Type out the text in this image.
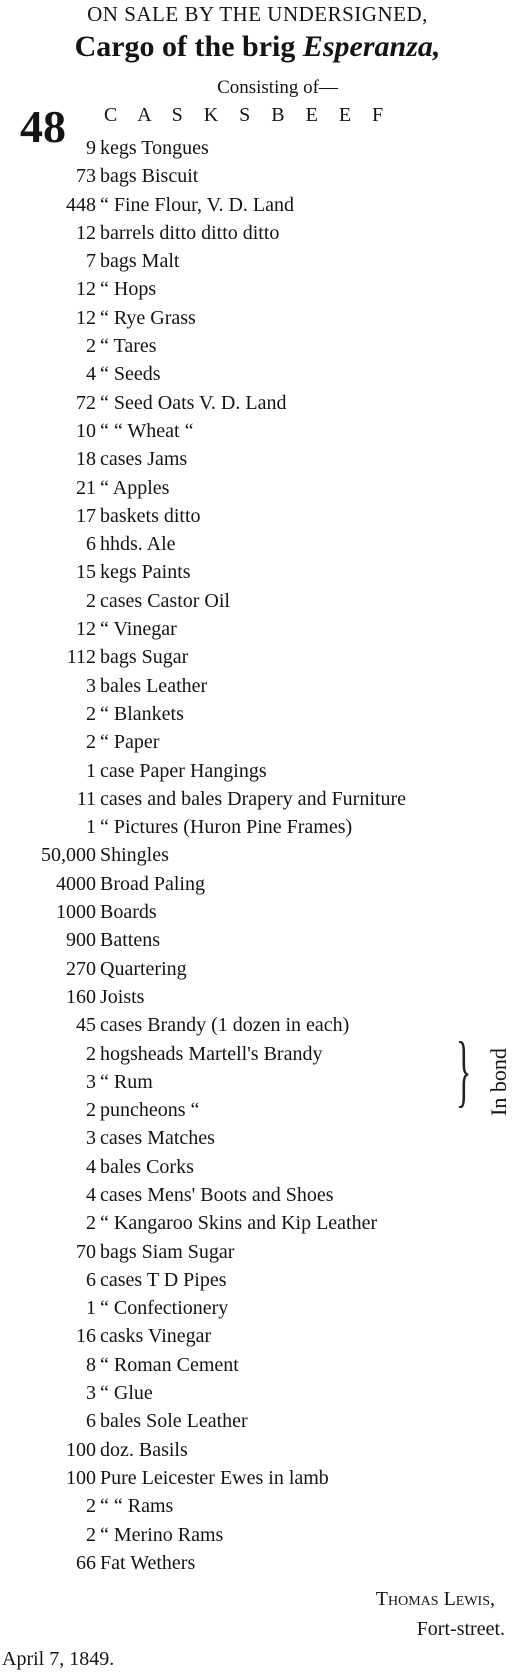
ON SALE BY THE UNDERSIGNED,
Cargo of the brig Esperanza,
Consisting of—
48 C A S K S B E E F
9 kegs Tongues
73 bags Biscuit
448 “ Fine Flour, V. D. Land
12 barrels ditto ditto ditto
7 bags Malt
12 “ Hops
12 “ Rye Grass
2 “ Tares
4 “ Seeds
72 “ Seed Oats V. D. Land
10 “ “ Wheat “
18 cases Jams
21 “ Apples
17 baskets ditto
6 hhds. Ale
15 kegs Paints
2 cases Castor Oil
12 “ Vinegar
112 bags Sugar
3 bales Leather
2 “ Blankets
2 “ Paper
1 case Paper Hangings
11 cases and bales Drapery and Furniture
1 “ Pictures (Huron Pine Frames)
50,000 Shingles
4000 Broad Paling
1000 Boards
900 Battens
270 Quartering
160 Joists
45 cases Brandy (1 dozen in each)
2 hogsheads Martell's Brandy
3 “ Rum
2 puncheons “
3 cases Matches
4 bales Corks
4 cases Mens' Boots and Shoes
2 “ Kangaroo Skins and Kip Leather
70 bags Siam Sugar
6 cases T D Pipes
1 “ Confectionery
16 casks Vinegar
8 “ Roman Cement
3 “ Glue
6 bales Sole Leather
100 doz. Basils
100 Pure Leicester Ewes in lamb
2 “ “ Rams
2 “ Merino Rams
66 Fat Wethers
} In bond
Thomas Lewis,
Fort-street.
April 7, 1849.
